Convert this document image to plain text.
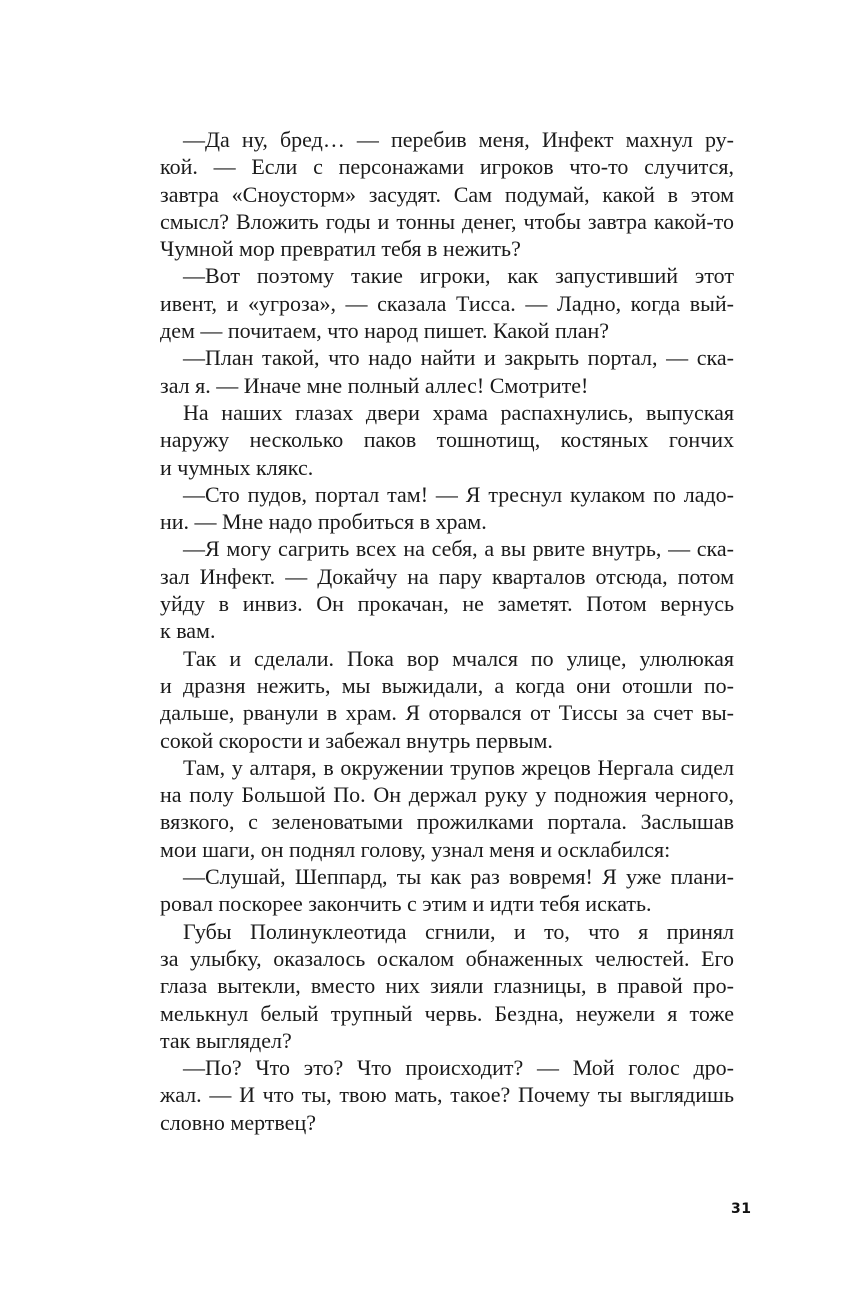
—Да ну, бред… — перебив меня, Инфект махнул ру-
кой. — Если с персонажами игроков что-то случится,
завтра «Сноусторм» засудят. Сам подумай, какой в этом
смысл? Вложить годы и тонны денег, чтобы завтра какой-то
Чумной мор превратил тебя в нежить?
—Вот поэтому такие игроки, как запустивший этот
ивент, и «угроза», — сказала Тисса. — Ладно, когда вый-
дем — почитаем, что народ пишет. Какой план?
—План такой, что надо найти и закрыть портал, — ска-
зал я. — Иначе мне полный аллес! Смотрите!
На наших глазах двери храма распахнулись, выпуская
наружу несколько паков тошнотищ, костяных гончих
и чумных клякс.
—Сто пудов, портал там! — Я треснул кулаком по ладо-
ни. — Мне надо пробиться в храм.
—Я могу сагрить всех на себя, а вы рвите внутрь, — ска-
зал Инфект. — Докайчу на пару кварталов отсюда, потом
уйду в инвиз. Он прокачан, не заметят. Потом вернусь
к вам.
Так и сделали. Пока вор мчался по улице, улюлюкая
и дразня нежить, мы выжидали, а когда они отошли по-
дальше, рванули в храм. Я оторвался от Тиссы за счет вы-
сокой скорости и забежал внутрь первым.
Там, у алтаря, в окружении трупов жрецов Нергала сидел
на полу Большой По. Он держал руку у подножия черного,
вязкого, с зеленоватыми прожилками портала. Заслышав
мои шаги, он поднял голову, узнал меня и осклабился:
—Слушай, Шеппард, ты как раз вовремя! Я уже плани-
ровал поскорее закончить с этим и идти тебя искать.
Губы Полинуклеотида сгнили, и то, что я принял
за улыбку, оказалось оскалом обнаженных челюстей. Его
глаза вытекли, вместо них зияли глазницы, в правой про-
мелькнул белый трупный червь. Бездна, неужели я тоже
так выглядел?
—По? Что это? Что происходит? — Мой голос дро-
жал. — И что ты, твою мать, такое? Почему ты выглядишь
словно мертвец?
31
